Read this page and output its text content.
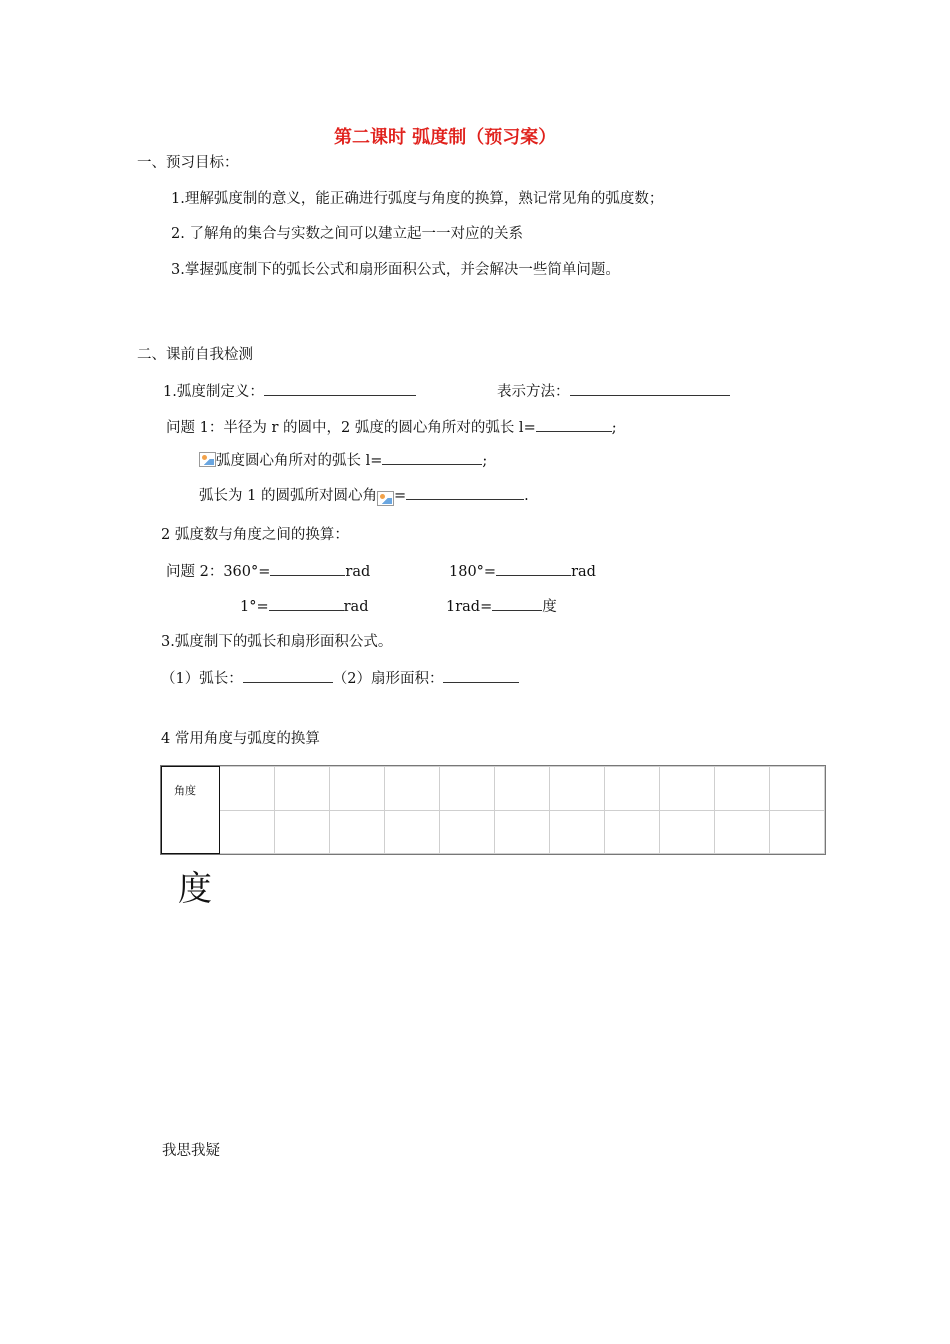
第二课时 弧度制（预习案）
一、预习目标：
1.理解弧度制的意义，能正确进行弧度与角度的换算，熟记常见角的弧度数；
2. 了解角的集合与实数之间可以建立起一一对应的关系
3.掌握弧度制下的弧长公式和扇形面积公式，并会解决一些简单问题。
二、课前自我检测
1.弧度制定义：	表示方法：
问题 1：半径为 r 的圆中，2 弧度的圆心角所对的弧长 l=	;
弧度圆心角所对的弧长 l=	;
弧长为 1 的圆弧所对圆心角 =	.
2 弧度数与角度之间的换算：
问题 2：360°=	rad	180°=	rad
1°=	rad	1rad=	度
3.弧度制下的弧长和扇形面积公式。
（1）弧长：	（2）扇形面积：
4 常用角度与弧度的换算
角度											

度
我思我疑
